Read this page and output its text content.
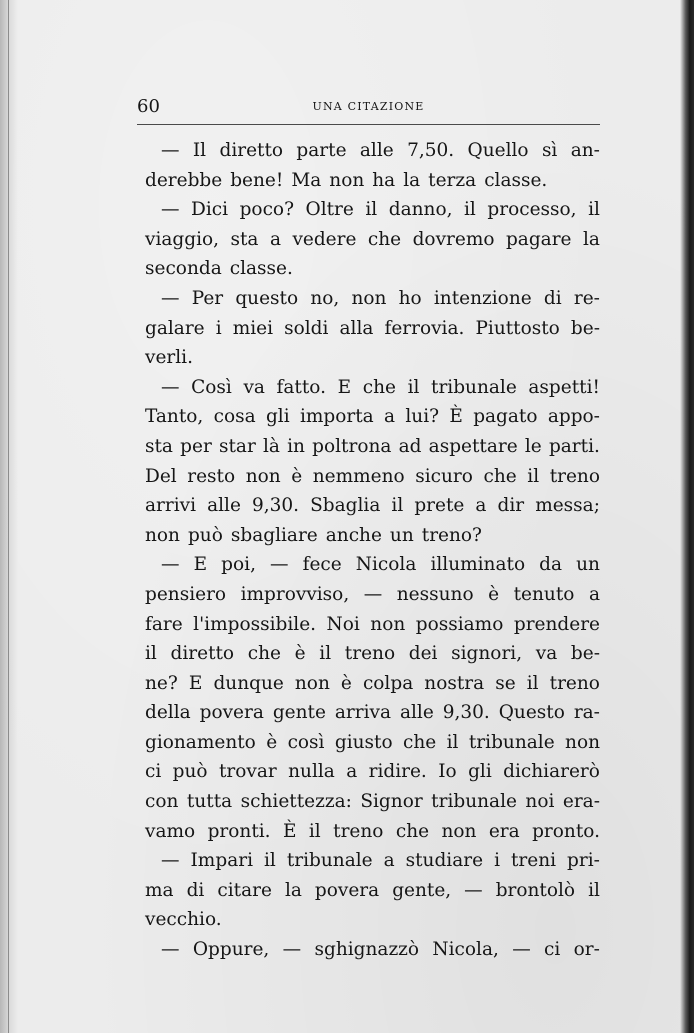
60	UNA CITAZIONE
— Il diretto parte alle 7,50. Quello sì an-
derebbe bene! Ma non ha la terza classe.
— Dici poco? Oltre il danno, il processo, il
viaggio, sta a vedere che dovremo pagare la
seconda classe.
— Per questo no, non ho intenzione di re-
galare i miei soldi alla ferrovia. Piuttosto be-
verli.
— Così va fatto. E che il tribunale aspetti!
Tanto, cosa gli importa a lui? È pagato appo-
sta per star là in poltrona ad aspettare le parti.
Del resto non è nemmeno sicuro che il treno
arrivi alle 9,30. Sbaglia il prete a dir messa;
non può sbagliare anche un treno?
— E poi, — fece Nicola illuminato da un
pensiero improvviso, — nessuno è tenuto a
fare l'impossibile. Noi non possiamo prendere
il diretto che è il treno dei signori, va be-
ne? E dunque non è colpa nostra se il treno
della povera gente arriva alle 9,30. Questo ra-
gionamento è così giusto che il tribunale non
ci può trovar nulla a ridire. Io gli dichiarerò
con tutta schiettezza: Signor tribunale noi era-
vamo pronti. È il treno che non era pronto.
— Impari il tribunale a studiare i treni pri-
ma di citare la povera gente, — brontolò il
vecchio.
— Oppure, — sghignazzò Nicola, — ci or-
